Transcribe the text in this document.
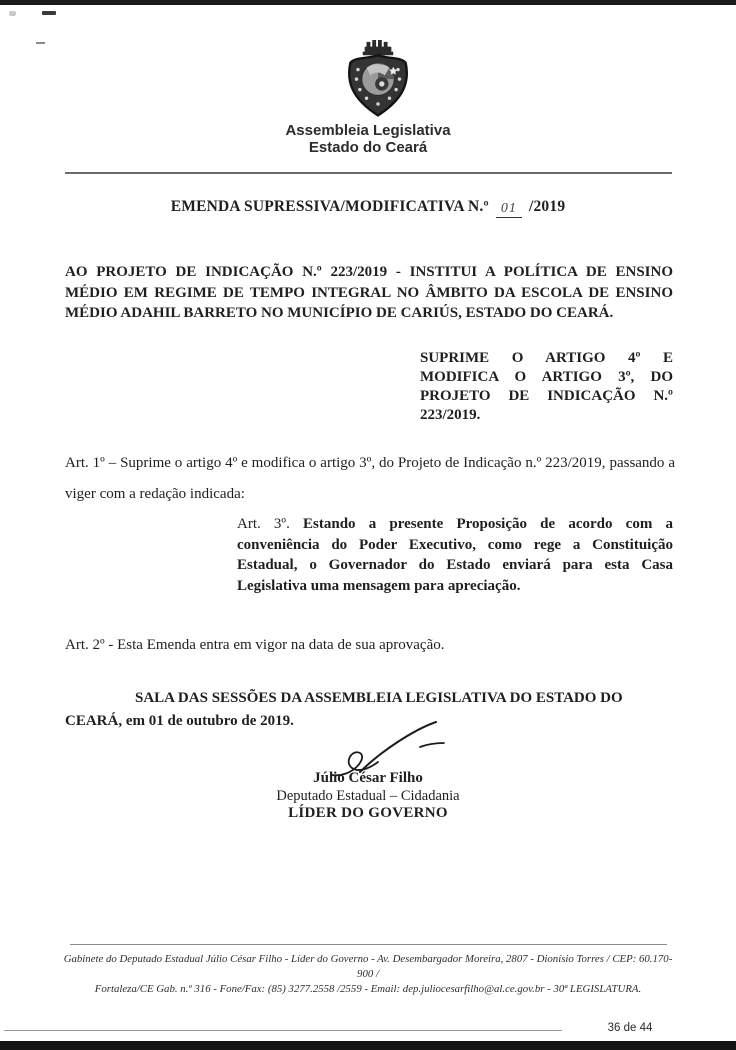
Assembleia Legislativa
Estado do Ceará
EMENDA SUPRESSIVA/MODIFICATIVA N.º 01 /2019
AO PROJETO DE INDICAÇÃO N.º 223/2019 - INSTITUI A POLÍTICA DE ENSINO MÉDIO EM REGIME DE TEMPO INTEGRAL NO ÂMBITO DA ESCOLA DE ENSINO MÉDIO ADAHIL BARRETO NO MUNICÍPIO DE CARIÚS, ESTADO DO CEARÁ.
SUPRIME O ARTIGO 4º E MODIFICA O ARTIGO 3º, DO PROJETO DE INDICAÇÃO N.º 223/2019.
Art. 1º – Suprime o artigo 4º e modifica o artigo 3º, do Projeto de Indicação n.º 223/2019, passando a viger com a redação indicada:
Art. 3º. Estando a presente Proposição de acordo com a conveniência do Poder Executivo, como rege a Constituição Estadual, o Governador do Estado enviará para esta Casa Legislativa uma mensagem para apreciação.
Art. 2º - Esta Emenda entra em vigor na data de sua aprovação.
SALA DAS SESSÕES DA ASSEMBLEIA LEGISLATIVA DO ESTADO DO CEARÁ, em 01 de outubro de 2019.
Júlio César Filho
Deputado Estadual – Cidadania
LÍDER DO GOVERNO
Gabinete do Deputado Estadual Júlio César Filho - Líder do Governo - Av. Desembargador Moreira, 2807 - Dionísio Torres / CEP: 60.170-900 /
Fortaleza/CE Gab. n.º 316 - Fone/Fax: (85) 3277.2558 /2559 - Email: dep.juliocesarfilho@al.ce.gov.br - 30ª LEGISLATURA.
36 de 44
